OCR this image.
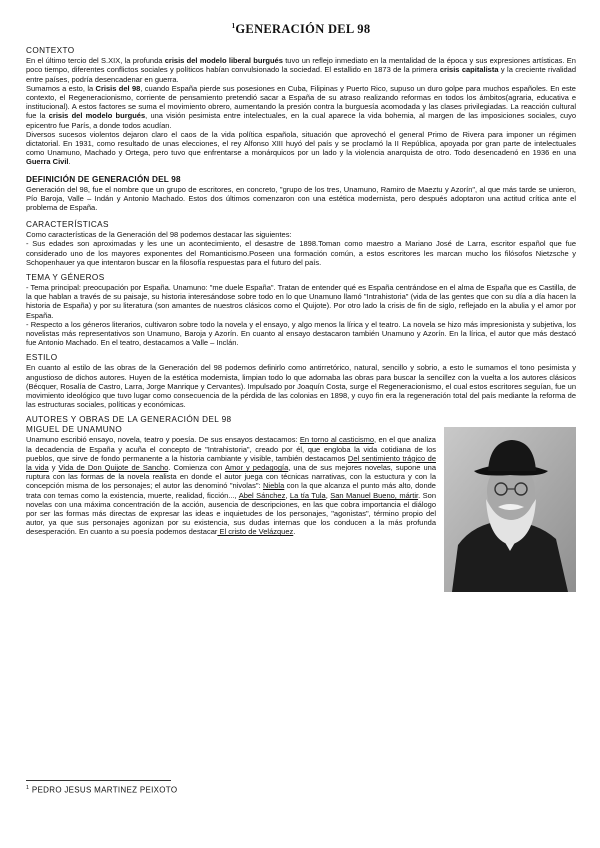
$^1$GENERACIÓN DEL 98
CONTEXTO

En el último tercio del S.XIX, la profunda crisis del modelo liberal burgués tuvo un reflejo inmediato en la mentalidad de la época y sus expresiones artísticas. En poco tiempo, diferentes conflictos sociales y políticos habían convulsionado la sociedad. El estallido en 1873 de la primera crisis capitalista y la creciente rivalidad entre países, podría desencadenar en guerra.

Sumamos a esto, la Crisis del 98, cuando España pierde sus posesiones en Cuba, Filipinas y Puerto Rico, supuso un duro golpe para muchos españoles. En este contexto, el Regeneracionismo, corriente de pensamiento pretendió sacar a España de su atraso realizando reformas en todos los ámbitos(agraria, educativa e institucional). A estos factores se suma el movimiento obrero, aumentando la presión contra la burguesía acomodada y las clases privilegiadas. La reacción cultural fue la crisis del modelo burgués, una visión pesimista entre intelectuales, en la cual aparece la vida bohemia, al margen de las imposiciones sociales, cuyo epicentro fue París, a donde todos acudían.

Diversos sucesos violentos dejaron claro el caos de la vida política española, situación que aprovechó el general Primo de Rivera para imponer un régimen dictatorial. En 1931, como resultado de unas elecciones, el rey Alfonso XIII huyó del país y se proclamó la II República, apoyada por gran parte de intelectuales como Unamuno, Machado y Ortega, pero tuvo que enfrentarse a monárquicos por un lado y la violencia anarquista de otro. Todo desencadenó en 1936 en una Guerra Civil.

DEFINICIÓN DE GENERACIÓN DEL 98

Generación del 98, fue el nombre que un grupo de escritores, en concreto, "grupo de los tres, Unamuno, Ramiro de Maeztu y Azorín", al que más tarde se unieron, Pío Baroja, Valle – Indán y Antonio Machado. Estos dos últimos comenzaron con una estética modernista, pero después adoptaron una actitud crítica ante el problema de España.

CARACTERÍSTICAS

Como características de la Generación del 98 podemos destacar las siguientes:

- Sus edades son aproximadas y les une un acontecimiento, el desastre de 1898.Toman como maestro a Mariano José de Larra, escritor español que fue considerado uno de los mayores exponentes del Romanticismo.Poseen una formación común, a estos escritores les marcan mucho los filósofos Nietzsche y Schopenhauer ya que intentaron buscar en la filosofía respuestas para el futuro del país.

TEMA Y GÉNEROS

- Tema principal: preocupación por España. Unamuno: "me duele España". Tratan de entender qué es España centrándose en el alma de España que es Castilla, de la que hablan a través de su paisaje, su historia interesándose sobre todo en lo que Unamuno llamó "Intrahistoria" (vida de las gentes que con su día a día hacen la historia de España) y por su literatura (son amantes de nuestros clásicos como el Quijote). Por otro lado la crisis de fin de siglo, reflejado en la abulia y el amor por España.

- Respecto a los géneros literarios, cultivaron sobre todo la novela y el ensayo, y algo menos la lírica y el teatro. La novela se hizo más impresionista y subjetiva, los novelistas más representativos son Unamuno, Baroja y Azorín. En cuanto al ensayo destacaron también Unamuno y Azorín. En la lírica, el autor que más destacó fue Antonio Machado. En el teatro, destacamos a Valle – Inclán.

ESTILO

En cuanto al estilo de las obras de la Generación del 98 podemos definirlo como antirretórico, natural, sencillo y sobrio, a esto le sumamos el tono pesimista y angustioso de dichos autores. Huyen de la estética modernista, limpian todo lo que adornaba las obras para buscar la sencillez con la vuelta a los autores clásicos (Bécquer, Rosalía de Castro, Larra, Jorge Manrique y Cervantes). Impulsado por Joaquín Costa, surge el Regeneracionismo, el cual estos escritores seguían, fue un movimiento ideológico que tuvo lugar como consecuencia de la pérdida de las colonias en 1898, y cuyo fin era la regeneración total del país mediante la reforma de las estructuras sociales, políticas y económicas.

AUTORES Y OBRAS DE LA GENERACIÓN DEL 98
MIGUEL DE UNAMUNO

Unamuno escribió ensayo, novela, teatro y poesía. De sus ensayos destacamos: En torno al casticismo, en el que analiza la decadencia de España y acuña el concepto de "Intrahistoria", creado por él, que engloba la vida cotidiana de los pueblos, que sirve de fondo permanente a la historia cambiante y visible, también destacamos Del sentimiento trágico de la vida y Vida de Don Quijote de Sancho. Comienza con Amor y pedagogía, una de sus mejores novelas, supone una ruptura con las formas de la novela realista en donde el autor juega con técnicas narrativas, con la estuctura y con la concepción misma de los personajes; el autor las denominó "nivolas": Niebla con la que alcanza el punto más alto, donde trata con temas como la existencia, muerte, realidad, ficción..., Abel Sánchez, La tía Tula, San Manuel Bueno, mártir. Son novelas con una máxima concentración de la acción, ausencia de descripciones, en las que cobra importancia el diálogo por ser las formas más directas de expresar las ideas e inquietudes de los personajes, "agonistas", término propio del autor, ya que sus personajes agonizan por su existencia, sus dudas internas que los conducen a la más profunda desesperación. En cuanto a su poesía podemos destacar El cristo de Velázquez.

$^1$ PEDRO JESUS MARTINEZ PEIXOTO
